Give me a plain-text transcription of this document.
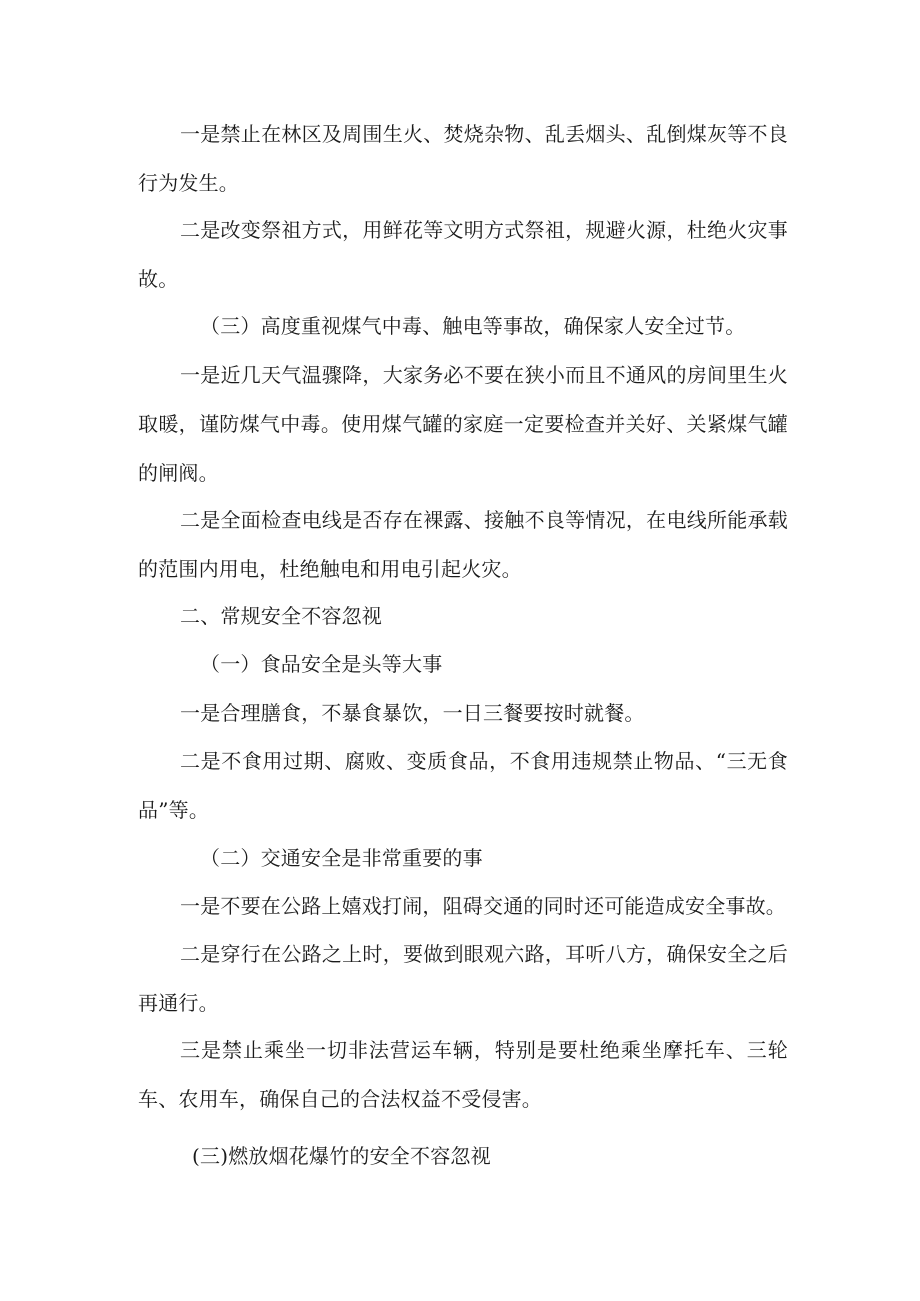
一是禁止在林区及周围生火、焚烧杂物、乱丢烟头、乱倒煤灰等不良行为发生。

二是改变祭祖方式，用鲜花等文明方式祭祖，规避火源，杜绝火灾事故。

（三）高度重视煤气中毒、触电等事故，确保家人安全过节。

一是近几天气温骤降，大家务必不要在狭小而且不通风的房间里生火取暖，谨防煤气中毒。使用煤气罐的家庭一定要检查并关好、关紧煤气罐的闸阀。

二是全面检查电线是否存在裸露、接触不良等情况，在电线所能承载的范围内用电，杜绝触电和用电引起火灾。

二、常规安全不容忽视

（一）食品安全是头等大事

一是合理膳食，不暴食暴饮，一日三餐要按时就餐。

二是不食用过期、腐败、变质食品，不食用违规禁止物品、“三无食品”等。

（二）交通安全是非常重要的事

一是不要在公路上嬉戏打闹，阻碍交通的同时还可能造成安全事故。

二是穿行在公路之上时，要做到眼观六路，耳听八方，确保安全之后再通行。

三是禁止乘坐一切非法营运车辆，特别是要杜绝乘坐摩托车、三轮车、农用车，确保自己的合法权益不受侵害。

(三)燃放烟花爆竹的安全不容忽视
